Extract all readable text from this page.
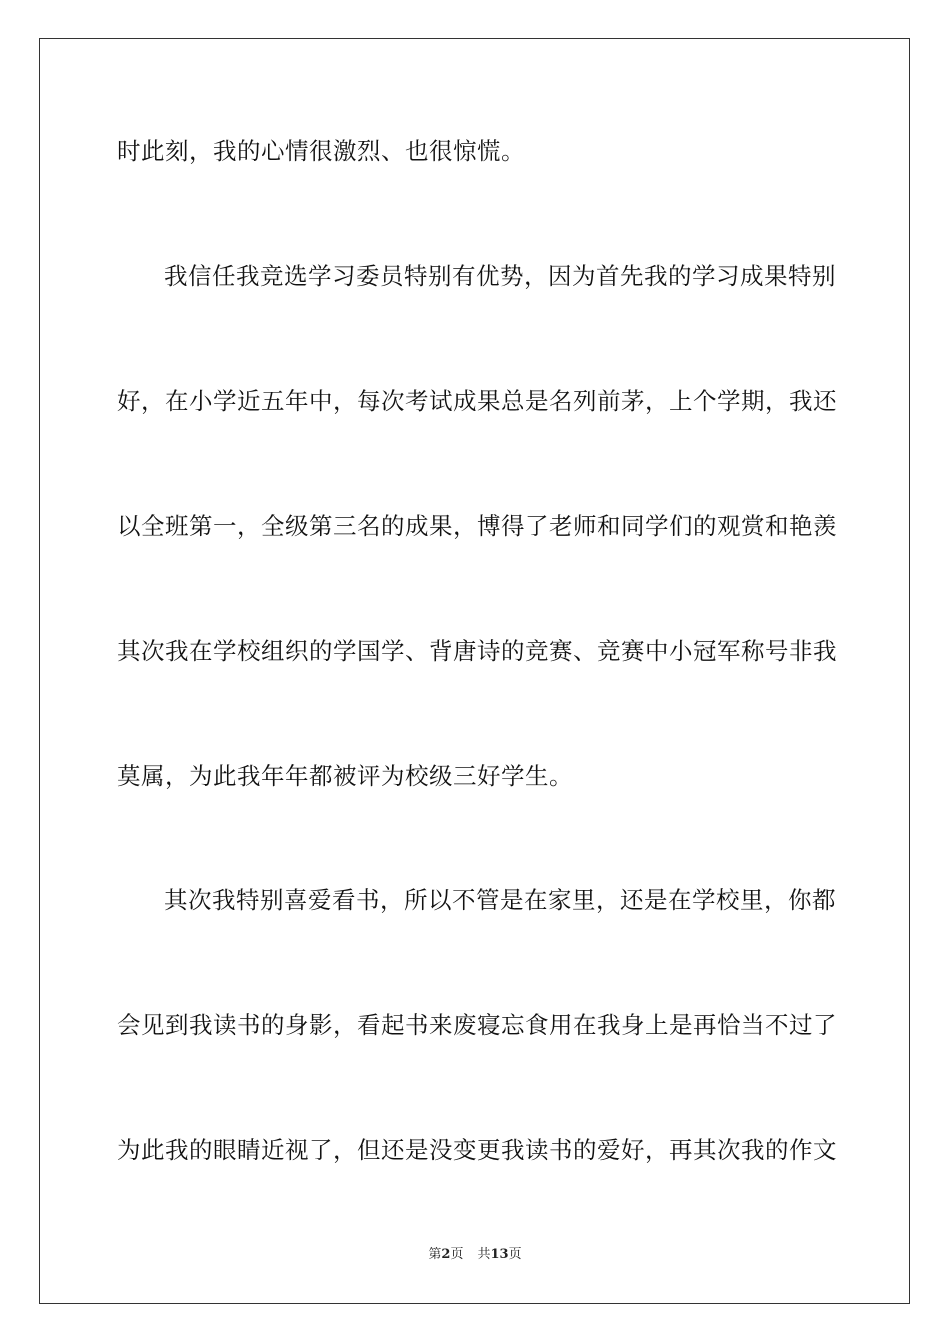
时此刻，我的心情很激烈、也很惊慌。
我信任我竞选学习委员特别有优势，因为首先我的学习成果特别
好，在小学近五年中，每次考试成果总是名列前茅，上个学期，我还
以全班第一，全级第三名的成果，博得了老师和同学们的观赏和艳羡
其次我在学校组织的学国学、背唐诗的竞赛、竞赛中小冠军称号非我
莫属，为此我年年都被评为校级三好学生。
其次我特别喜爱看书，所以不管是在家里，还是在学校里，你都
会见到我读书的身影，看起书来废寝忘食用在我身上是再恰当不过了
为此我的眼睛近视了，但还是没变更我读书的爱好，再其次我的作文
第2页 共13页
